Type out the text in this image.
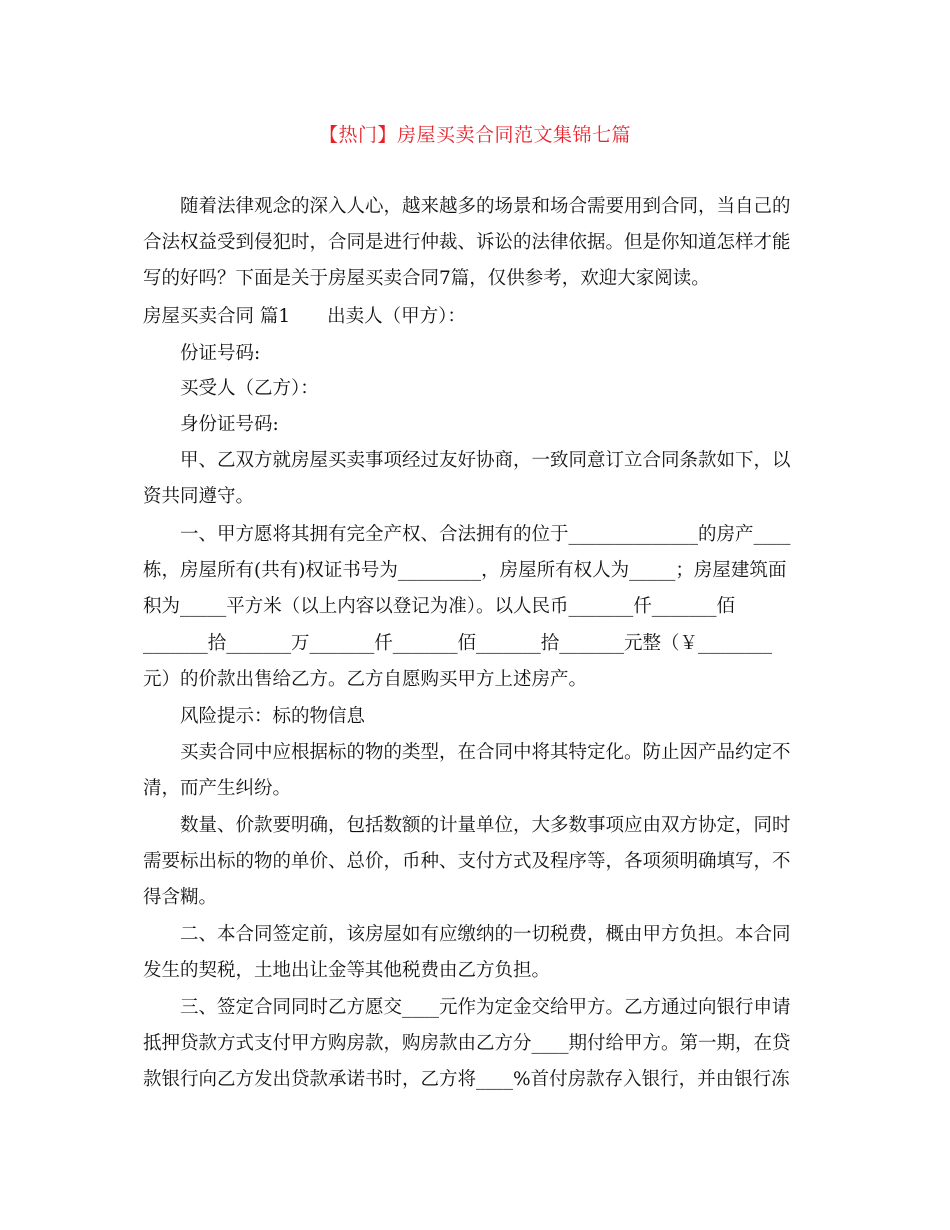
【热门】房屋买卖合同范文集锦七篇
随着法律观念的深入人心，越来越多的场景和场合需要用到合同，当自己的
合法权益受到侵犯时，合同是进行仲裁、诉讼的法律依据。但是你知道怎样才能
写的好吗？下面是关于房屋买卖合同7篇，仅供参考，欢迎大家阅读。
房屋买卖合同 篇1　　出卖人（甲方）：
份证号码:
买受人（乙方）：
身份证号码:
甲、乙双方就房屋买卖事项经过友好协商，一致同意订立合同条款如下，以
资共同遵守。
一、甲方愿将其拥有完全产权、合法拥有的位于______________的房产____
栋，房屋所有(共有)权证书号为_________，房屋所有权人为_____；房屋建筑面
积为_____平方米（以上内容以登记为准）。以人民币_______仟_______佰
_______拾_______万_______仟_______佰_______拾_______元整（￥________
元）的价款出售给乙方。乙方自愿购买甲方上述房产。
风险提示：标的物信息
买卖合同中应根据标的物的类型，在合同中将其特定化。防止因产品约定不
清，而产生纠纷。
数量、价款要明确，包括数额的计量单位，大多数事项应由双方协定，同时
需要标出标的物的单价、总价，币种、支付方式及程序等，各项须明确填写，不
得含糊。
二、本合同签定前，该房屋如有应缴纳的一切税费，概由甲方负担。本合同
发生的契税，土地出让金等其他税费由乙方负担。
三、签定合同同时乙方愿交____元作为定金交给甲方。乙方通过向银行申请
抵押贷款方式支付甲方购房款，购房款由乙方分____期付给甲方。第一期，在贷
款银行向乙方发出贷款承诺书时，乙方将____%首付房款存入银行，并由银行冻
